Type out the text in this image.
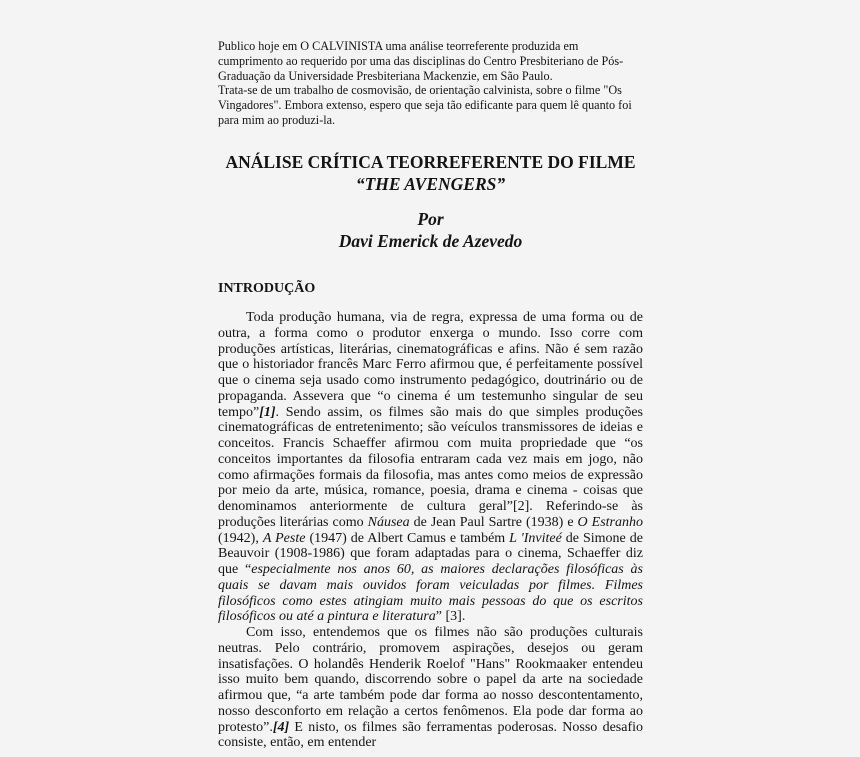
Publico hoje em O CALVINISTA uma análise teorreferente produzida em cumprimento ao requerido por uma das disciplinas do Centro Presbiteriano de Pós-Graduação da Universidade Presbiteriana Mackenzie, em São Paulo.

Trata-se de um trabalho de cosmovisão, de orientação calvinista, sobre o filme "Os Vingadores". Embora extenso, espero que seja tão edificante para quem lê quanto foi para mim ao produzi-la.

ANÁLISE CRÍTICA TEORREFERENTE DO FILME
“THE AVENGERS”
Por
Davi Emerick de Azevedo
INTRODUÇÃO

Toda produção humana, via de regra, expressa de uma forma ou de outra, a forma como o produtor enxerga o mundo. Isso corre com produções artísticas, literárias, cinematográficas e afins. Não é sem razão que o historiador francês Marc Ferro afirmou que, é perfeitamente possível que o cinema seja usado como instrumento pedagógico, doutrinário ou de propaganda. Assevera que “o cinema é um testemunho singular de seu tempo”[1]. Sendo assim, os filmes são mais do que simples produções cinematográficas de entretenimento; são veículos transmissores de ideias e conceitos. Francis Schaeffer afirmou com muita propriedade que “os conceitos importantes da filosofia entraram cada vez mais em jogo, não como afirmações formais da filosofia, mas antes como meios de expressão por meio da arte, música, romance, poesia, drama e cinema - coisas que denominamos anteriormente de cultura geral”[2]. Referindo-se às produções literárias como Náusea de Jean Paul Sartre (1938) e O Estranho (1942), A Peste (1947) de Albert Camus e também L 'Inviteé de Simone de Beauvoir (1908-1986) que foram adaptadas para o cinema, Schaeffer diz que “especialmente nos anos 60, as maiores declarações filosóficas às quais se davam mais ouvidos foram veiculadas por filmes. Filmes filosóficos como estes atingiam muito mais pessoas do que os escritos filosóficos ou até a pintura e literatura” [3].

Com isso, entendemos que os filmes não são produções culturais neutras. Pelo contrário, promovem aspirações, desejos ou geram insatisfações. O holandês Henderik Roelof "Hans" Rookmaaker entendeu isso muito bem quando, discorrendo sobre o papel da arte na sociedade afirmou que, “a arte também pode dar forma ao nosso descontentamento, nosso desconforto em relação a certos fenômenos. Ela pode dar forma ao protesto”.[4] E nisto, os filmes são ferramentas poderosas. Nosso desafio consiste, então, em entender
